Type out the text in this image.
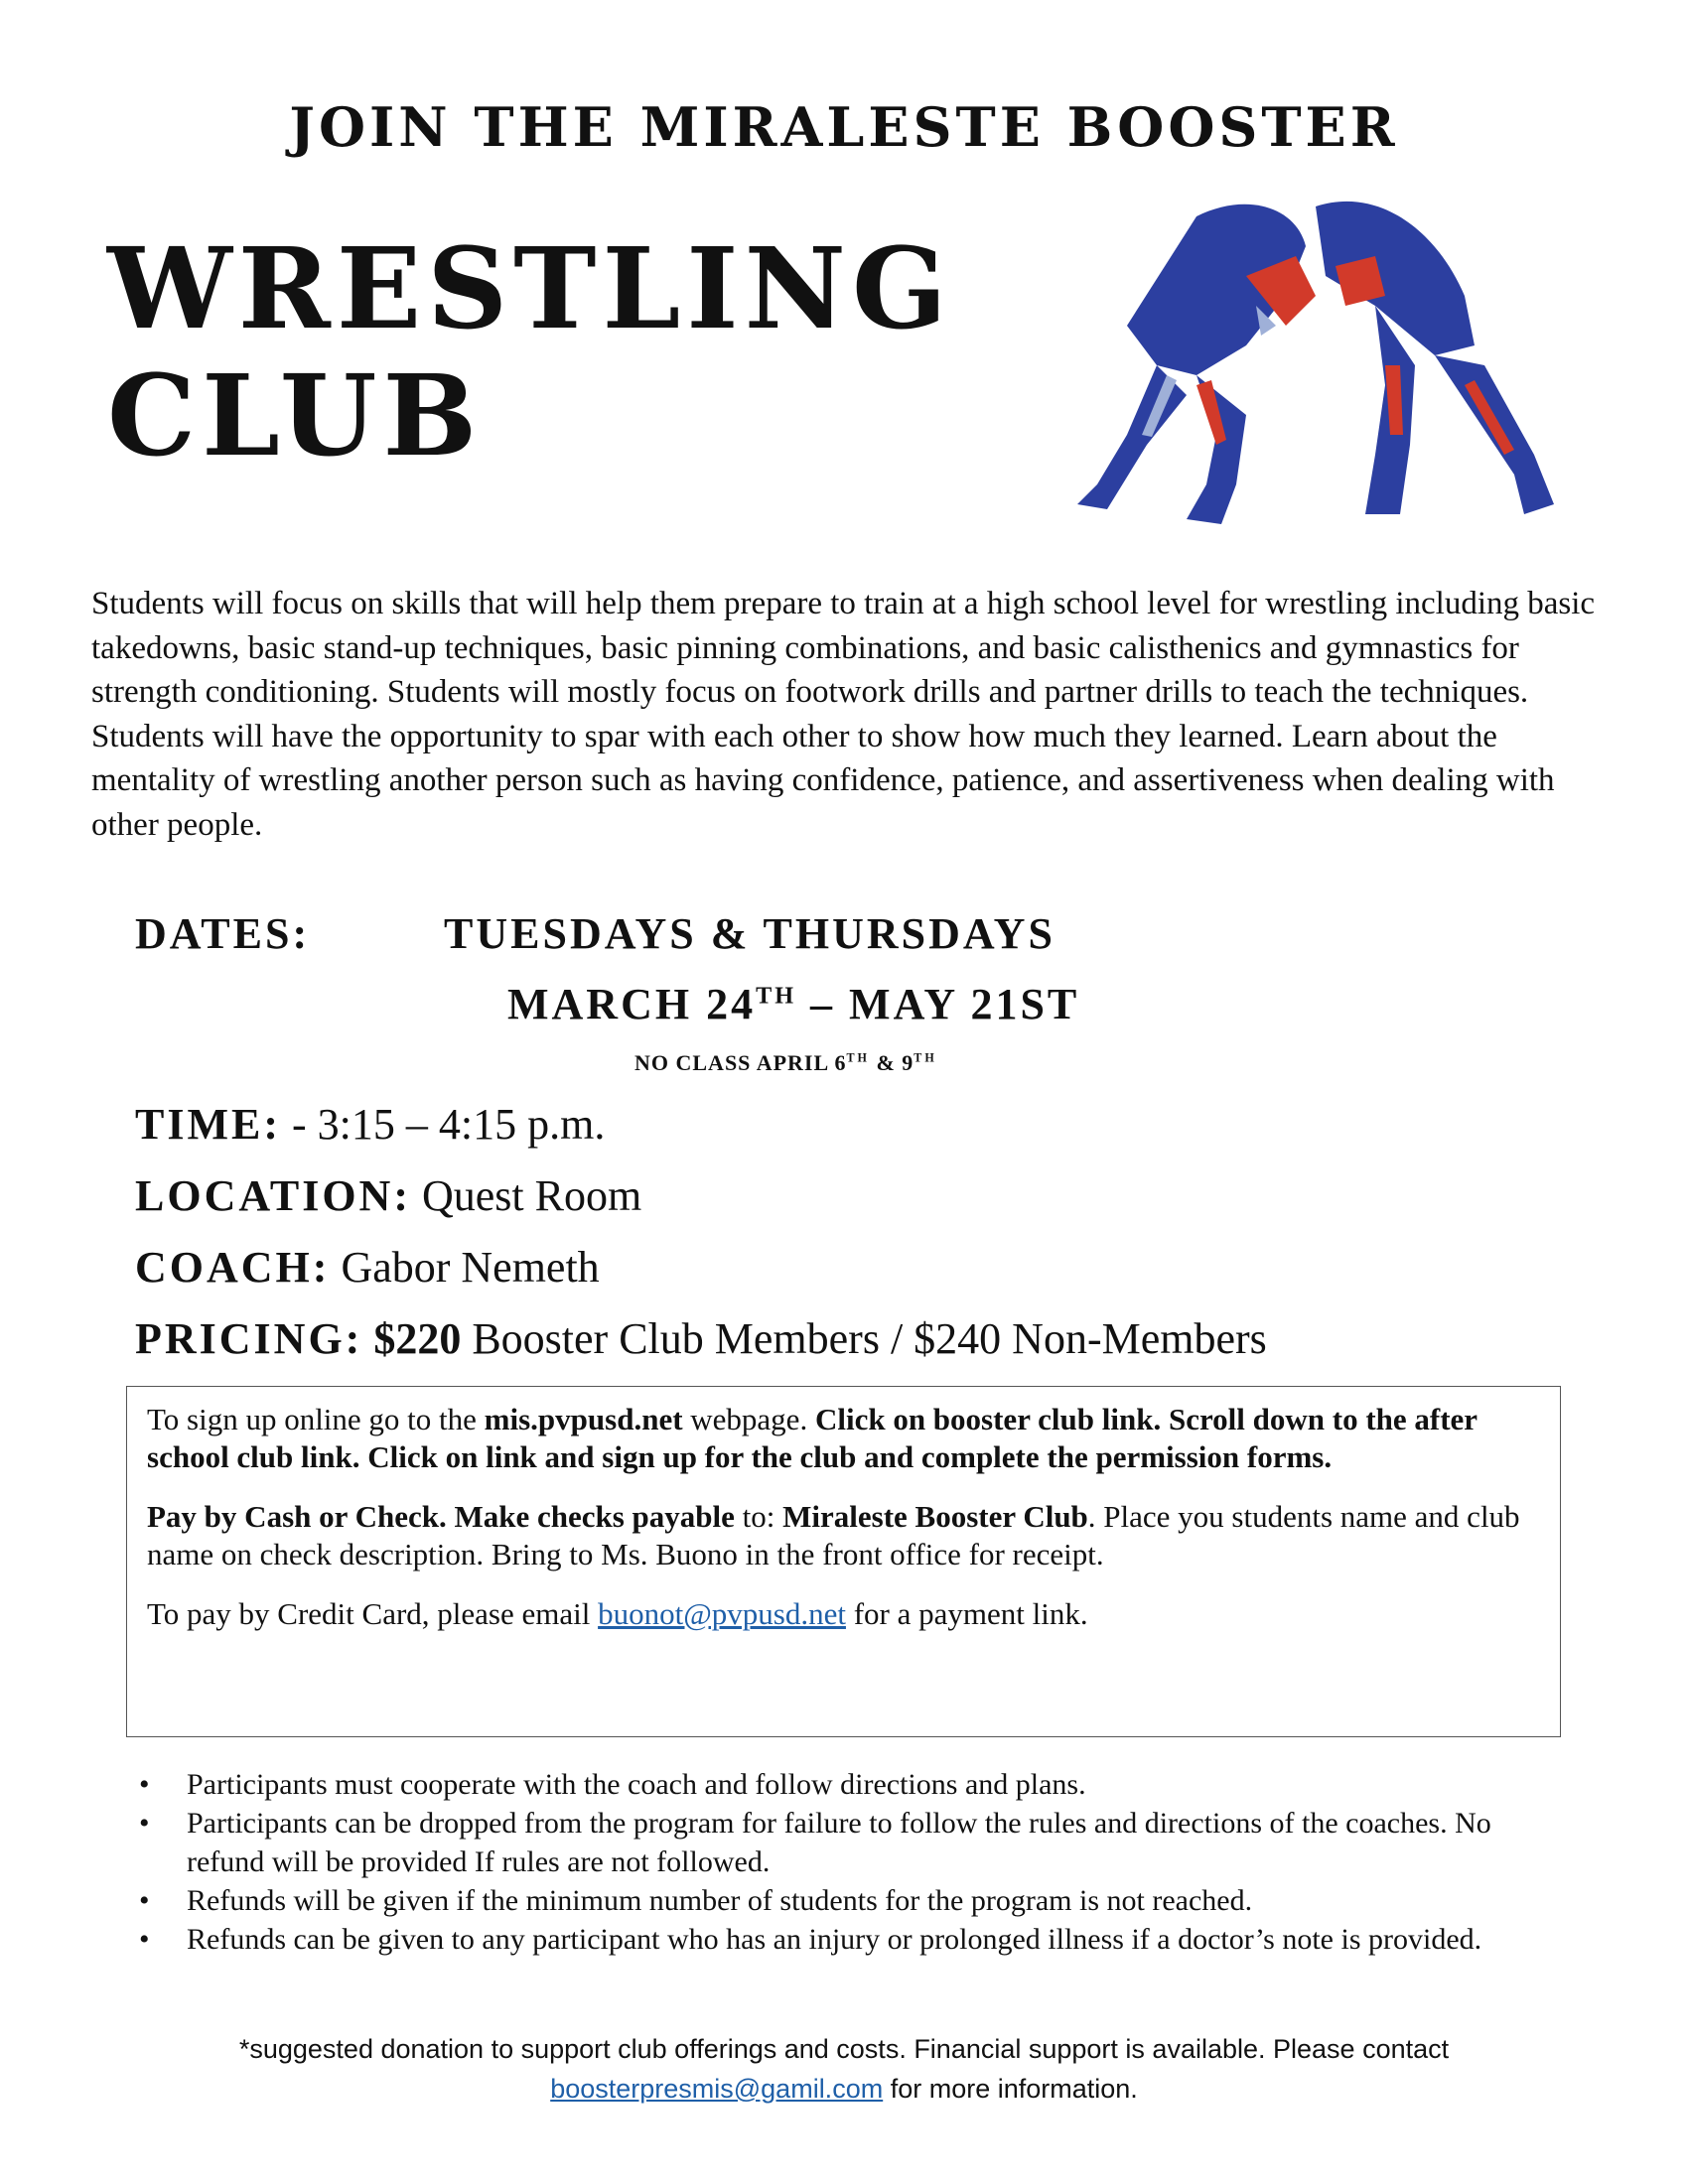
JOIN THE MIRALESTE BOOSTER
WRESTLING
CLUB

Students will focus on skills that will help them prepare to train at a high school level for wrestling including basic takedowns, basic stand-up techniques, basic pinning combinations, and basic calisthenics and gymnastics for strength conditioning. Students will mostly focus on footwork drills and partner drills to teach the techniques. Students will have the opportunity to spar with each other to show how much they learned. Learn about the mentality of wrestling another person such as having confidence, patience, and assertiveness when dealing with other people.

DATES:	TUESDAYS & THURSDAYS
MARCH 24TH – MAY 21ST
NO CLASS APRIL 6TH & 9TH
TIME: - 3:15 – 4:15 p.m.
LOCATION: Quest Room
COACH: Gabor Nemeth
PRICING: $220 Booster Club Members / $240 Non-Members

To sign up online go to the mis.pvpusd.net webpage. Click on booster club link. Scroll down to the after school club link. Click on link and sign up for the club and complete the permission forms.

Pay by Cash or Check. Make checks payable to: Miraleste Booster Club. Place you students name and club name on check description. Bring to Ms. Buono in the front office for receipt.

To pay by Credit Card, please email buonot@pvpusd.net for a payment link.

• Participants must cooperate with the coach and follow directions and plans.
• Participants can be dropped from the program for failure to follow the rules and directions of the coaches. No refund will be provided If rules are not followed.
• Refunds will be given if the minimum number of students for the program is not reached.
• Refunds can be given to any participant who has an injury or prolonged illness if a doctor’s note is provided.
*suggested donation to support club offerings and costs. Financial support is available. Please contact
boosterpresmis@gamil.com for more information.
